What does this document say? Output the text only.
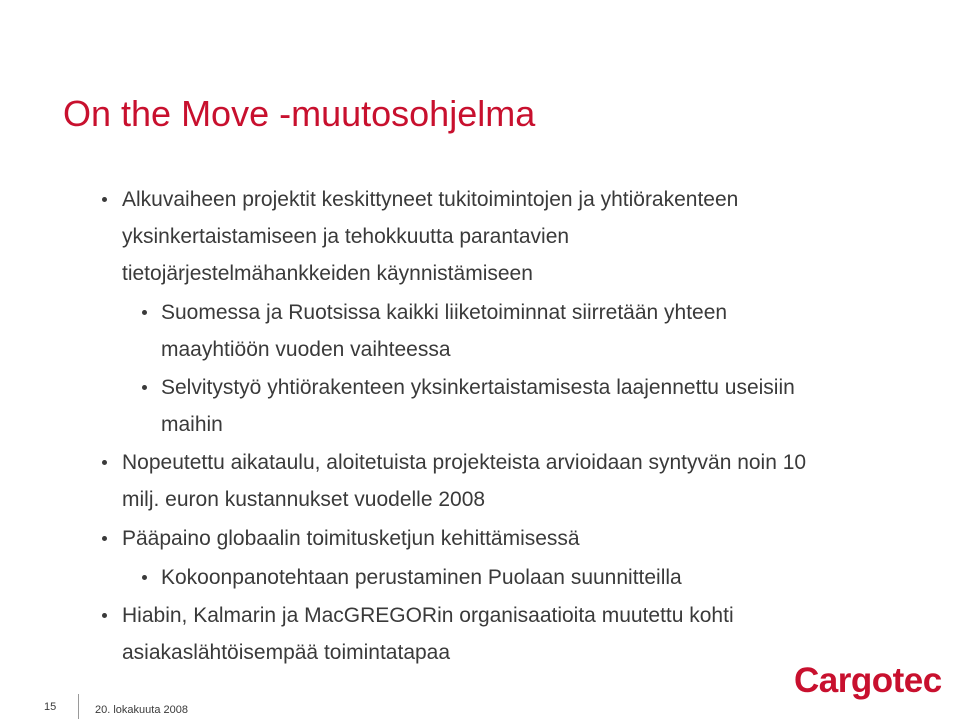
On the Move -muutosohjelma
Alkuvaiheen projektit keskittyneet tukitoimintojen ja yhtiörakenteen
yksinkertaistamiseen ja tehokkuutta parantavien
tietojärjestelmähankkeiden käynnistämiseen
Suomessa ja Ruotsissa kaikki liiketoiminnat siirretään yhteen
maayhtiöön vuoden vaihteessa
Selvitystyö yhtiörakenteen yksinkertaistamisesta laajennettu useisiin
maihin
Nopeutettu aikataulu, aloitetuista projekteista arvioidaan syntyvän noin 10
milj. euron kustannukset vuodelle 2008
Pääpaino globaalin toimitusketjun kehittämisessä
Kokoonpanotehtaan perustaminen Puolaan suunnitteilla
Hiabin, Kalmarin ja MacGREGORin organisaatioita muutettu kohti
asiakaslähtöisempää toimintatapaa
15	20. lokakuuta 2008
Cargotec
